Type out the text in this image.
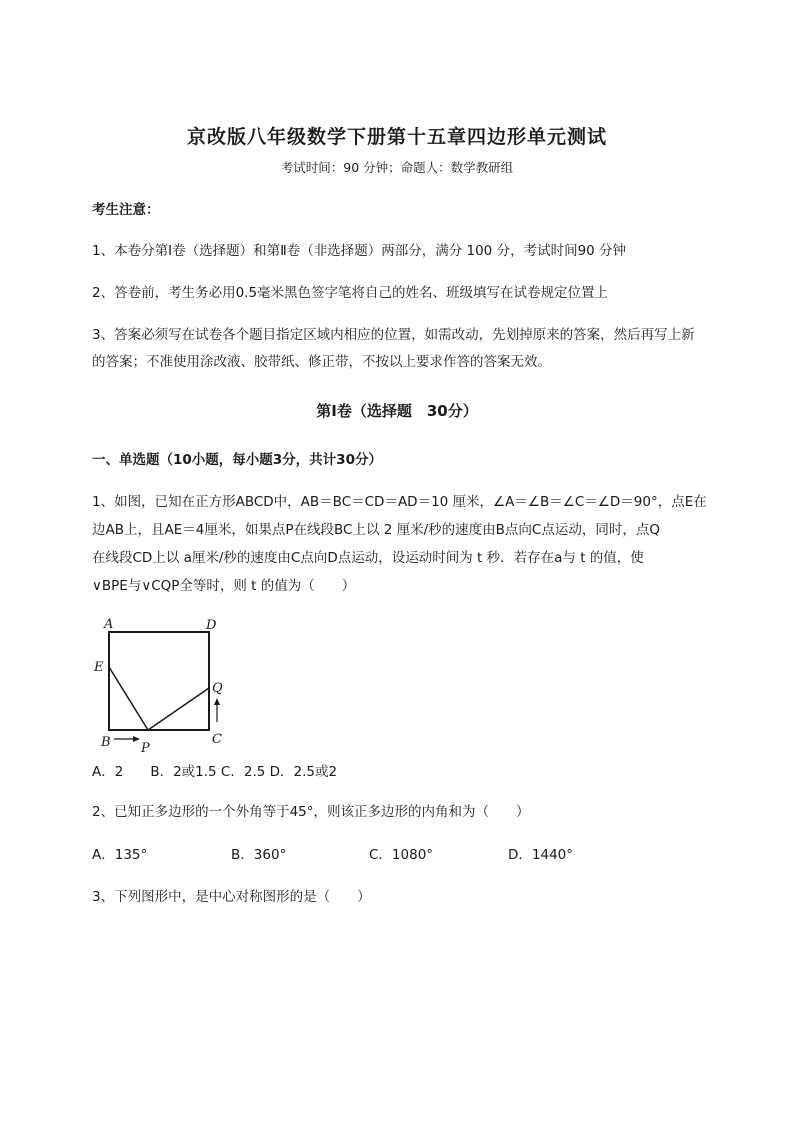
京改版八年级数学下册第十五章四边形单元测试
考试时间：90 分钟；命题人：数学教研组
考生注意：
1、本卷分第Ⅰ卷（选择题）和第Ⅱ卷（非选择题）两部分，满分 100 分，考试时间90 分钟
2、答卷前，考生务必用0.5毫米黑色签字笔将自己的姓名、班级填写在试卷规定位置上
3、答案必须写在试卷各个题目指定区域内相应的位置，如需改动，先划掉原来的答案，然后再写上新
的答案；不准使用涂改液、胶带纸、修正带，不按以上要求作答的答案无效。
第Ⅰ卷（选择题　30分）
一、单选题（10小题，每小题3分，共计30分）
1、如图，已知在正方形ABCD中，AB＝BC＝CD＝AD＝10 厘米，∠A＝∠B＝∠C＝∠D＝90°，点E在
边AB上，且AE＝4厘米，如果点P在线段BC上以 2 厘米/秒的速度由B点向C点运动，同时，点Q
在线段CD上以 a厘米/秒的速度由C点向D点运动，设运动时间为 t 秒．若存在a与 t 的值，使
∨BPE与∨CQP全等时，则 t 的值为（　　）
A	D
E
Q
B P
C
A．2　　B．2或1.5 C．2.5 D．2.5或2
2、已知正多边形的一个外角等于45°，则该正多边形的内角和为（　　）
A．135°	B．360°	C．1080°	D．1440°
3、下列图形中，是中心对称图形的是（　　）
